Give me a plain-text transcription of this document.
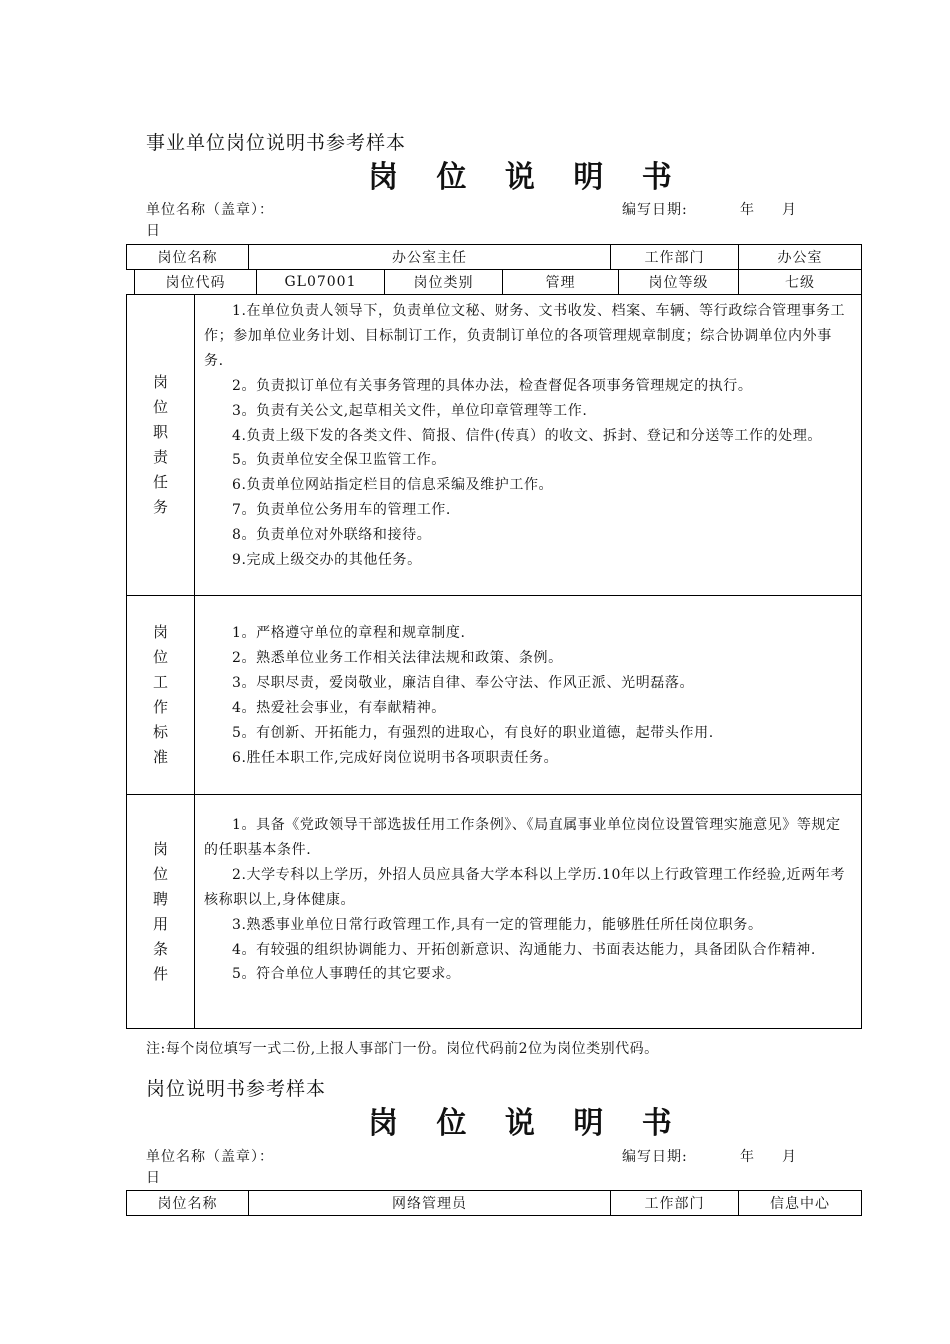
事业单位岗位说明书参考样本
岗 位 说 明 书
单位名称（盖章）：	编写日期:	年 月
日
岗位名称	办公室主任	工作部门	办公室
岗位代码	GL07001	岗位类别	管理	岗位等级	七级
岗位职责任务

1.在单位负责人领导下，负责单位文秘、财务、文书收发、档案、车辆、等行政综合管理事务工作；参加单位业务计划、目标制订工作，负责制订单位的各项管理规章制度；综合协调单位内外事务.

2。负责拟订单位有关事务管理的具体办法，检查督促各项事务管理规定的执行。

3。负责有关公文,起草相关文件，单位印章管理等工作.

4.负责上级下发的各类文件、简报、信件(传真）的收文、拆封、登记和分送等工作的处理。

5。负责单位安全保卫监管工作。

6.负责单位网站指定栏目的信息采编及维护工作。

7。负责单位公务用车的管理工作.

8。负责单位对外联络和接待。

9.完成上级交办的其他任务。

岗位工作标准

1。严格遵守单位的章程和规章制度.

2。熟悉单位业务工作相关法律法规和政策、条例。

3。尽职尽责，爱岗敬业，廉洁自律、奉公守法、作风正派、光明磊落。

4。热爱社会事业，有奉献精神。

5。有创新、开拓能力，有强烈的进取心，有良好的职业道德，起带头作用.

6.胜任本职工作,完成好岗位说明书各项职责任务。

岗位聘用条件

1。具备《党政领导干部选拔任用工作条例》、《局直属事业单位岗位设置管理实施意见》等规定的任职基本条件.

2.大学专科以上学历，外招人员应具备大学本科以上学历.10年以上行政管理工作经验,近两年考核称职以上,身体健康。

3.熟悉事业单位日常行政管理工作,具有一定的管理能力，能够胜任所任岗位职务。

4。有较强的组织协调能力、开拓创新意识、沟通能力、书面表达能力，具备团队合作精神.

5。符合单位人事聘任的其它要求。

注:每个岗位填写一式二份,上报人事部门一份。岗位代码前2位为岗位类别代码。
岗位说明书参考样本
岗 位 说 明 书
单位名称（盖章）：	编写日期:	年 月
日
岗位名称	网络管理员	工作部门	信息中心
